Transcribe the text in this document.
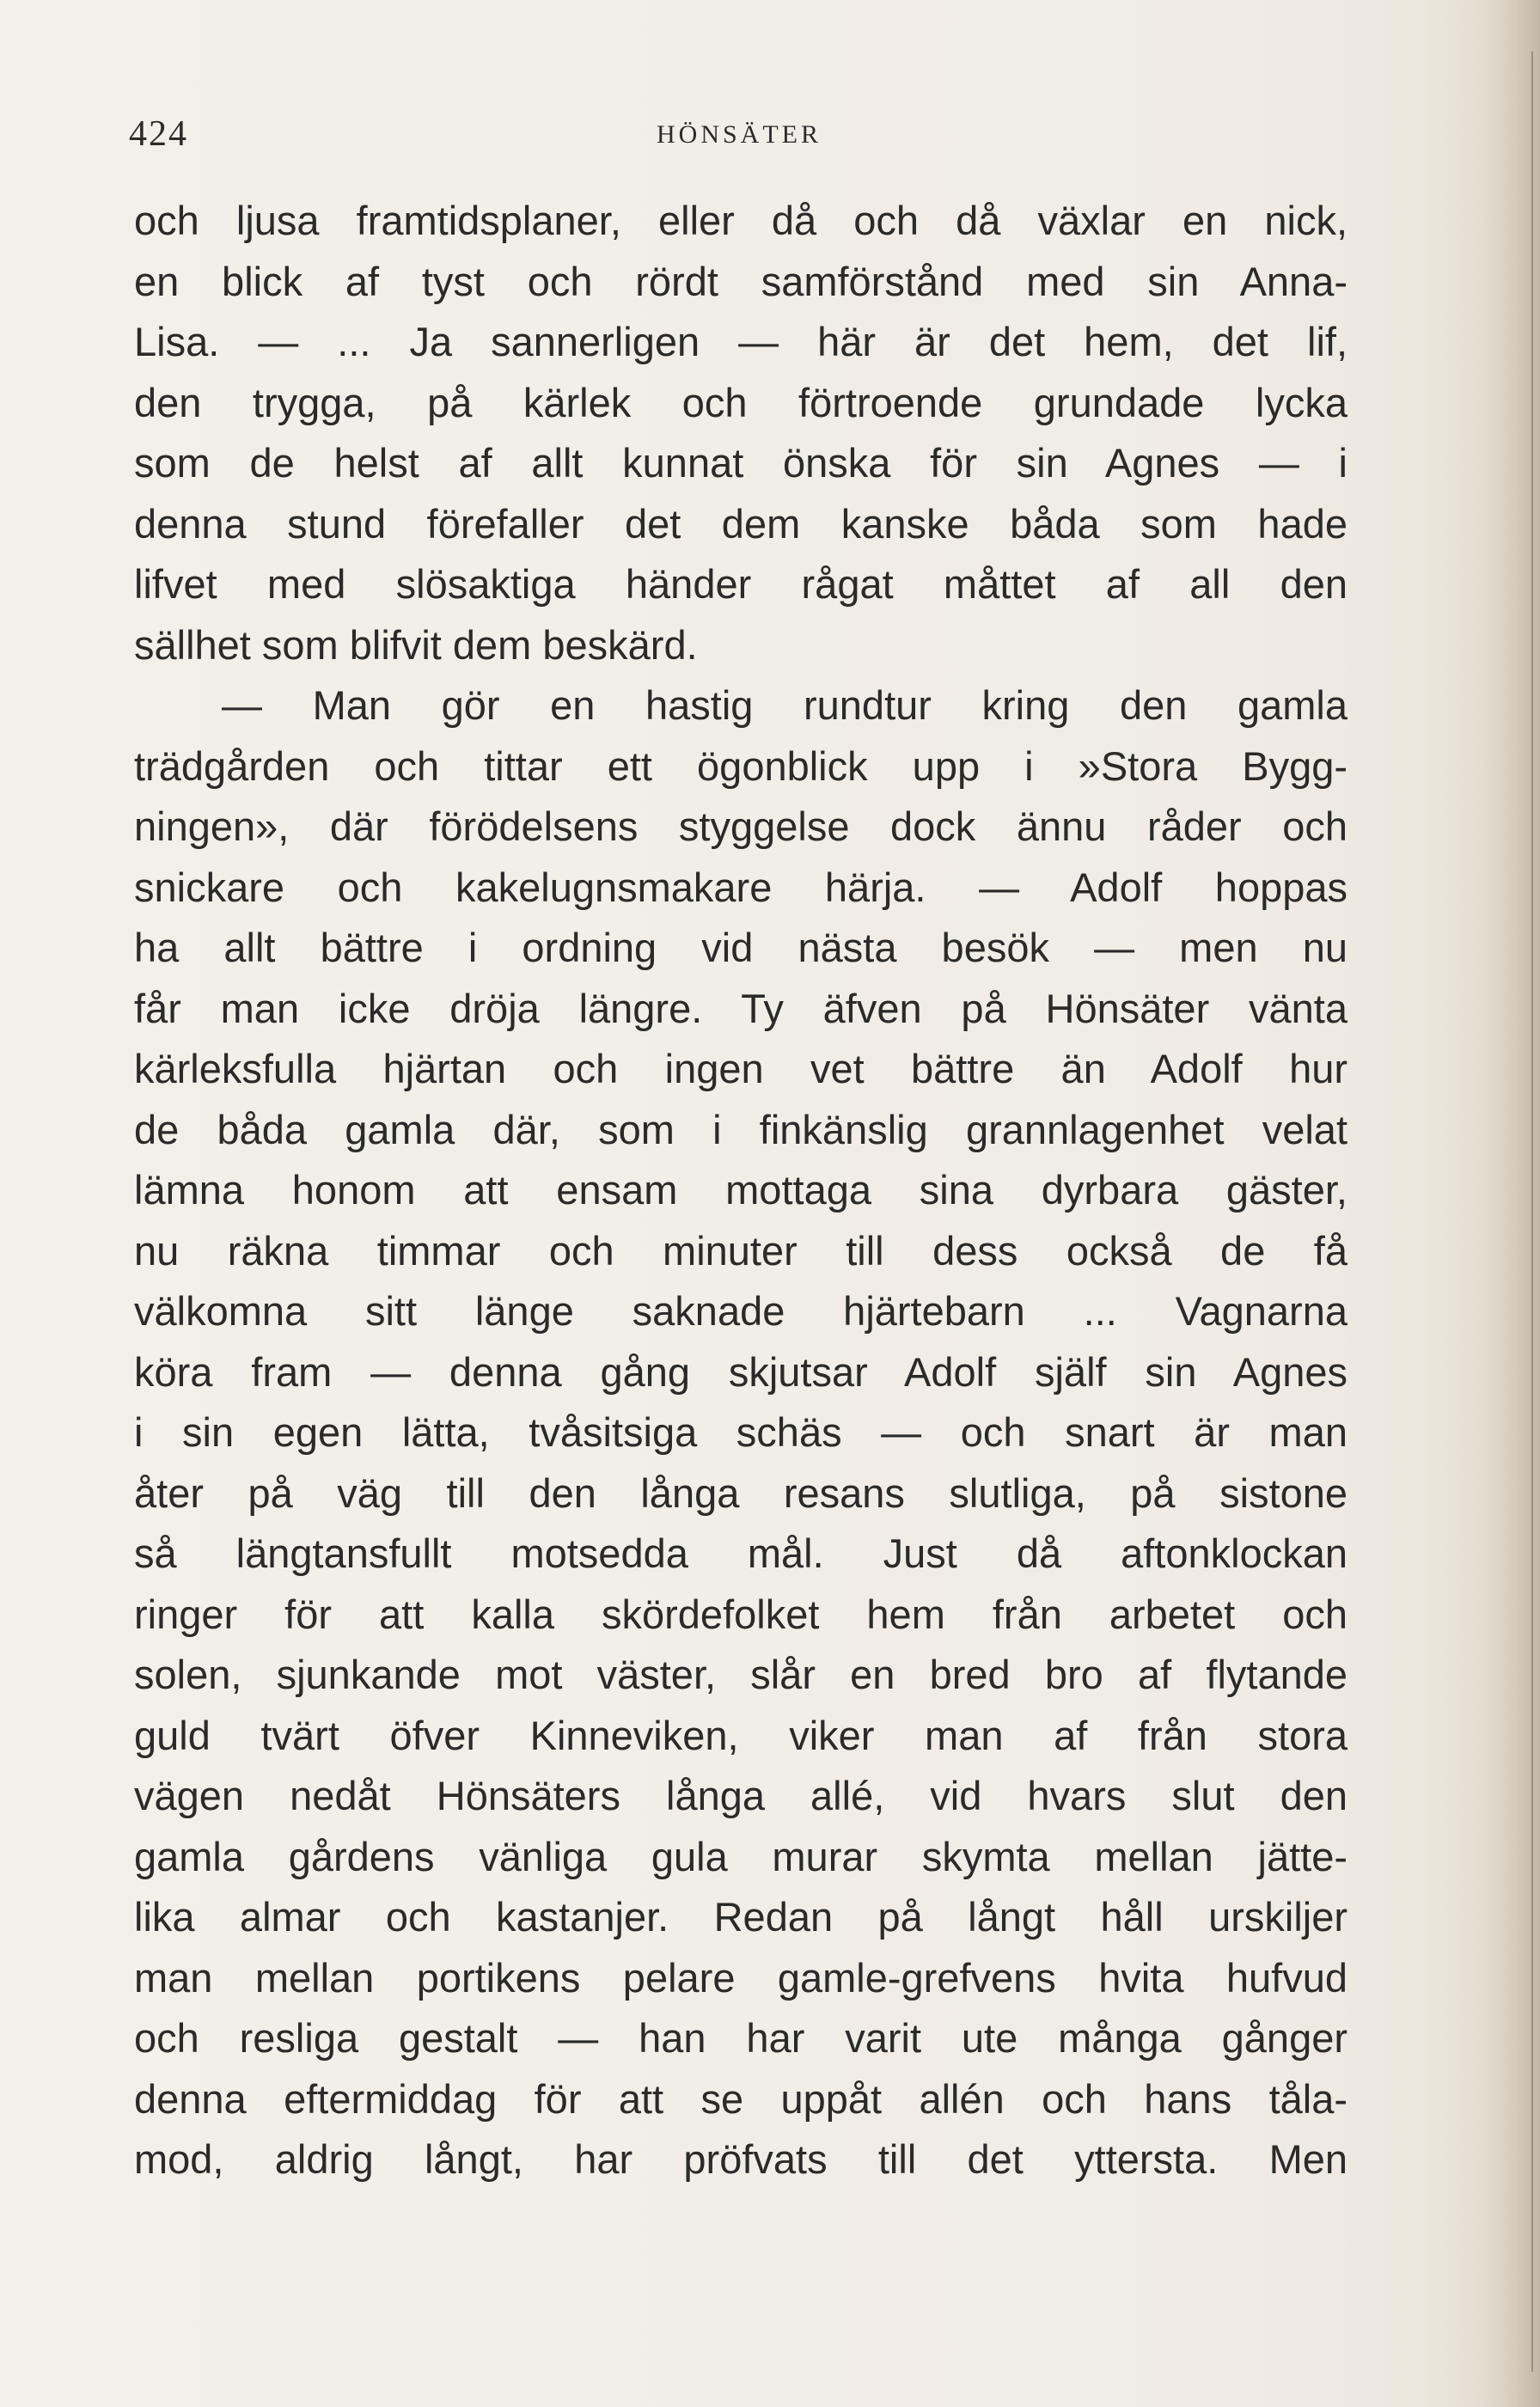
424	HÖNSÄTER
och ljusa framtidsplaner, eller då och då växlar en nick,
en blick af tyst och rördt samförstånd med sin Anna-
Lisa. — ... Ja sannerligen — här är det hem, det lif,
den trygga, på kärlek och förtroende grundade lycka
som de helst af allt kunnat önska för sin Agnes — i
denna stund förefaller det dem kanske båda som hade
lifvet med slösaktiga händer rågat måttet af all den
sällhet som blifvit dem beskärd.
— Man gör en hastig rundtur kring den gamla
trädgården och tittar ett ögonblick upp i »Stora Bygg-
ningen», där förödelsens styggelse dock ännu råder och
snickare och kakelugnsmakare härja. — Adolf hoppas
ha allt bättre i ordning vid nästa besök — men nu
får man icke dröja längre. Ty äfven på Hönsäter vänta
kärleksfulla hjärtan och ingen vet bättre än Adolf hur
de båda gamla där, som i finkänslig grannlagenhet velat
lämna honom att ensam mottaga sina dyrbara gäster,
nu räkna timmar och minuter till dess också de få
välkomna sitt länge saknade hjärtebarn ... Vagnarna
köra fram — denna gång skjutsar Adolf själf sin Agnes
i sin egen lätta, tvåsitsiga schäs — och snart är man
åter på väg till den långa resans slutliga, på sistone
så längtansfullt motsedda mål. Just då aftonklockan
ringer för att kalla skördefolket hem från arbetet och
solen, sjunkande mot väster, slår en bred bro af flytande
guld tvärt öfver Kinneviken, viker man af från stora
vägen nedåt Hönsäters långa allé, vid hvars slut den
gamla gårdens vänliga gula murar skymta mellan jätte-
lika almar och kastanjer. Redan på långt håll urskiljer
man mellan portikens pelare gamle-grefvens hvita hufvud
och resliga gestalt — han har varit ute många gånger
denna eftermiddag för att se uppåt allén och hans tåla-
mod, aldrig långt, har pröfvats till det yttersta. Men
